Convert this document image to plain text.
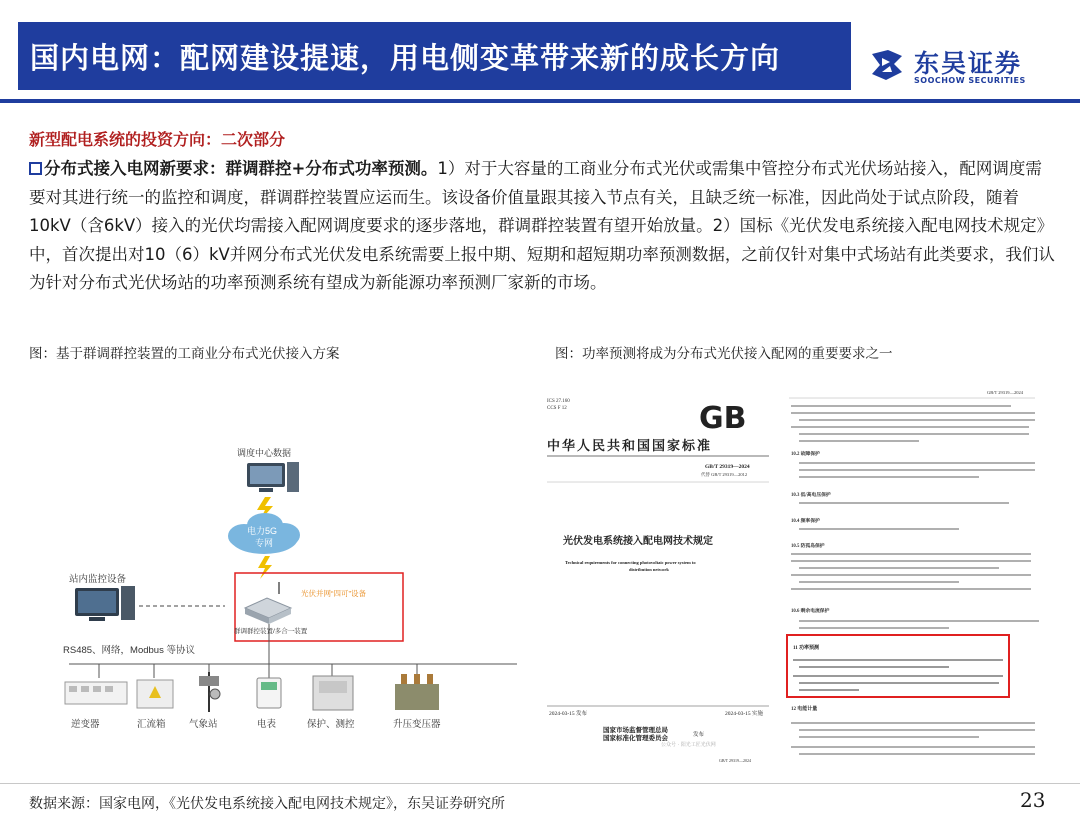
国内电网：配网建设提速，用电侧变革带来新的成长方向	东吴证券
SOOCHOW SECURITIES
新型配电系统的投资方向：二次部分
分布式接入电网新要求：群调群控+分布式功率预测。1）对于大容量的工商业分布式光伏或需集中管控分布式光伏场站接入，配网调度需要对其进行统一的监控和调度，群调群控装置应运而生。该设备价值量跟其接入节点有关，且缺乏统一标准，因此尚处于试点阶段，随着10kV（含6kV）接入的光伏均需接入配网调度要求的逐步落地，群调群控装置有望开始放量。2）国标《光伏发电系统接入配电网技术规定》中，首次提出对10（6）kV并网分布式光伏发电系统需要上报中期、短期和超短期功率预测数据，之前仅针对集中式场站有此类要求，我们认为针对分布式光伏场站的功率预测系统有望成为新能源功率预测厂家新的市场。
图：基于群调群控装置的工商业分布式光伏接入方案	图：功率预测将成为分布式光伏接入配网的重要要求之一
调度中心数据
电力5G
专网
站内监控设备
光伏并网“四可”设备
群调群控装置/多合一装置
RS485、网络，Modbus 等协议
逆变器	汇流箱 气象站	电表	保护、测控	升压变压器
ICS 27.160
CCS F 12	GB
中华人民共和国国家标准
GB/T 29319—2024
代替 GB/T 29319—2012
光伏发电系统接入配电网技术规定
Technical requirements for connecting photovoltaic power system to
distribution network
2024-03-15 发布	2024-03-15 实施
国家市场监督管理总局
国家标准化管理委员会	发布
GB/T 29319—2024
GB/T 29319—2024
10.2 故障保护
10.3 低/高电压保护
10.4 频率保护
10.5 防孤岛保护
10.6 剩余电流保护
11 功率预测
12 电能计量
公众号 · 阳光工匠光伏网
数据来源：国家电网，《光伏发电系统接入配电网技术规定》，东吴证券研究所	23
